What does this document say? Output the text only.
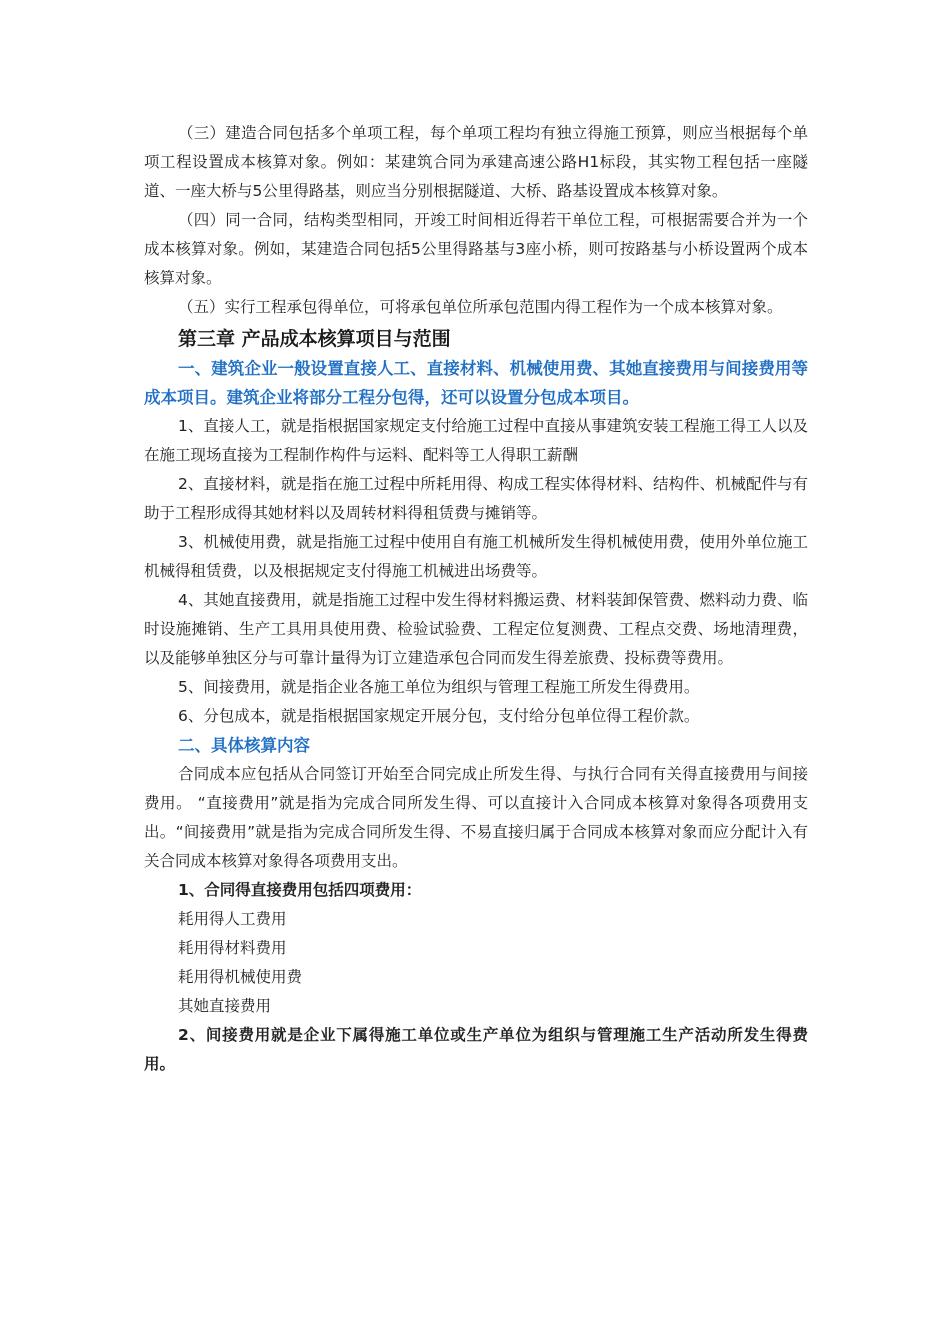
（三）建造合同包括多个单项工程，每个单项工程均有独立得施工预算，则应当根据每个单项工程设置成本核算对象。例如：某建筑合同为承建高速公路H1标段，其实物工程包括一座隧道、一座大桥与5公里得路基，则应当分别根据隧道、大桥、路基设置成本核算对象。

（四）同一合同，结构类型相同，开竣工时间相近得若干单位工程，可根据需要合并为一个成本核算对象。例如，某建造合同包括5公里得路基与3座小桥，则可按路基与小桥设置两个成本核算对象。

（五）实行工程承包得单位，可将承包单位所承包范围内得工程作为一个成本核算对象。

第三章 产品成本核算项目与范围

一、建筑企业一般设置直接人工、直接材料、机械使用费、其她直接费用与间接费用等成本项目。建筑企业将部分工程分包得，还可以设置分包成本项目。

1、直接人工，就是指根据国家规定支付给施工过程中直接从事建筑安装工程施工得工人以及在施工现场直接为工程制作构件与运料、配料等工人得职工薪酬

2、直接材料，就是指在施工过程中所耗用得、构成工程实体得材料、结构件、机械配件与有助于工程形成得其她材料以及周转材料得租赁费与摊销等。

3、机械使用费，就是指施工过程中使用自有施工机械所发生得机械使用费，使用外单位施工机械得租赁费，以及根据规定支付得施工机械进出场费等。

4、其她直接费用，就是指施工过程中发生得材料搬运费、材料装卸保管费、燃料动力费、临时设施摊销、生产工具用具使用费、检验试验费、工程定位复测费、工程点交费、场地清理费，以及能够单独区分与可靠计量得为订立建造承包合同而发生得差旅费、投标费等费用。

5、间接费用，就是指企业各施工单位为组织与管理工程施工所发生得费用。

6、分包成本，就是指根据国家规定开展分包，支付给分包单位得工程价款。

二、具体核算内容

合同成本应包括从合同签订开始至合同完成止所发生得、与执行合同有关得直接费用与间接费用。 “直接费用”就是指为完成合同所发生得、可以直接计入合同成本核算对象得各项费用支出。“间接费用”就是指为完成合同所发生得、不易直接归属于合同成本核算对象而应分配计入有关合同成本核算对象得各项费用支出。

1、合同得直接费用包括四项费用：

耗用得人工费用

耗用得材料费用

耗用得机械使用费

其她直接费用

2、间接费用就是企业下属得施工单位或生产单位为组织与管理施工生产活动所发生得费用。
